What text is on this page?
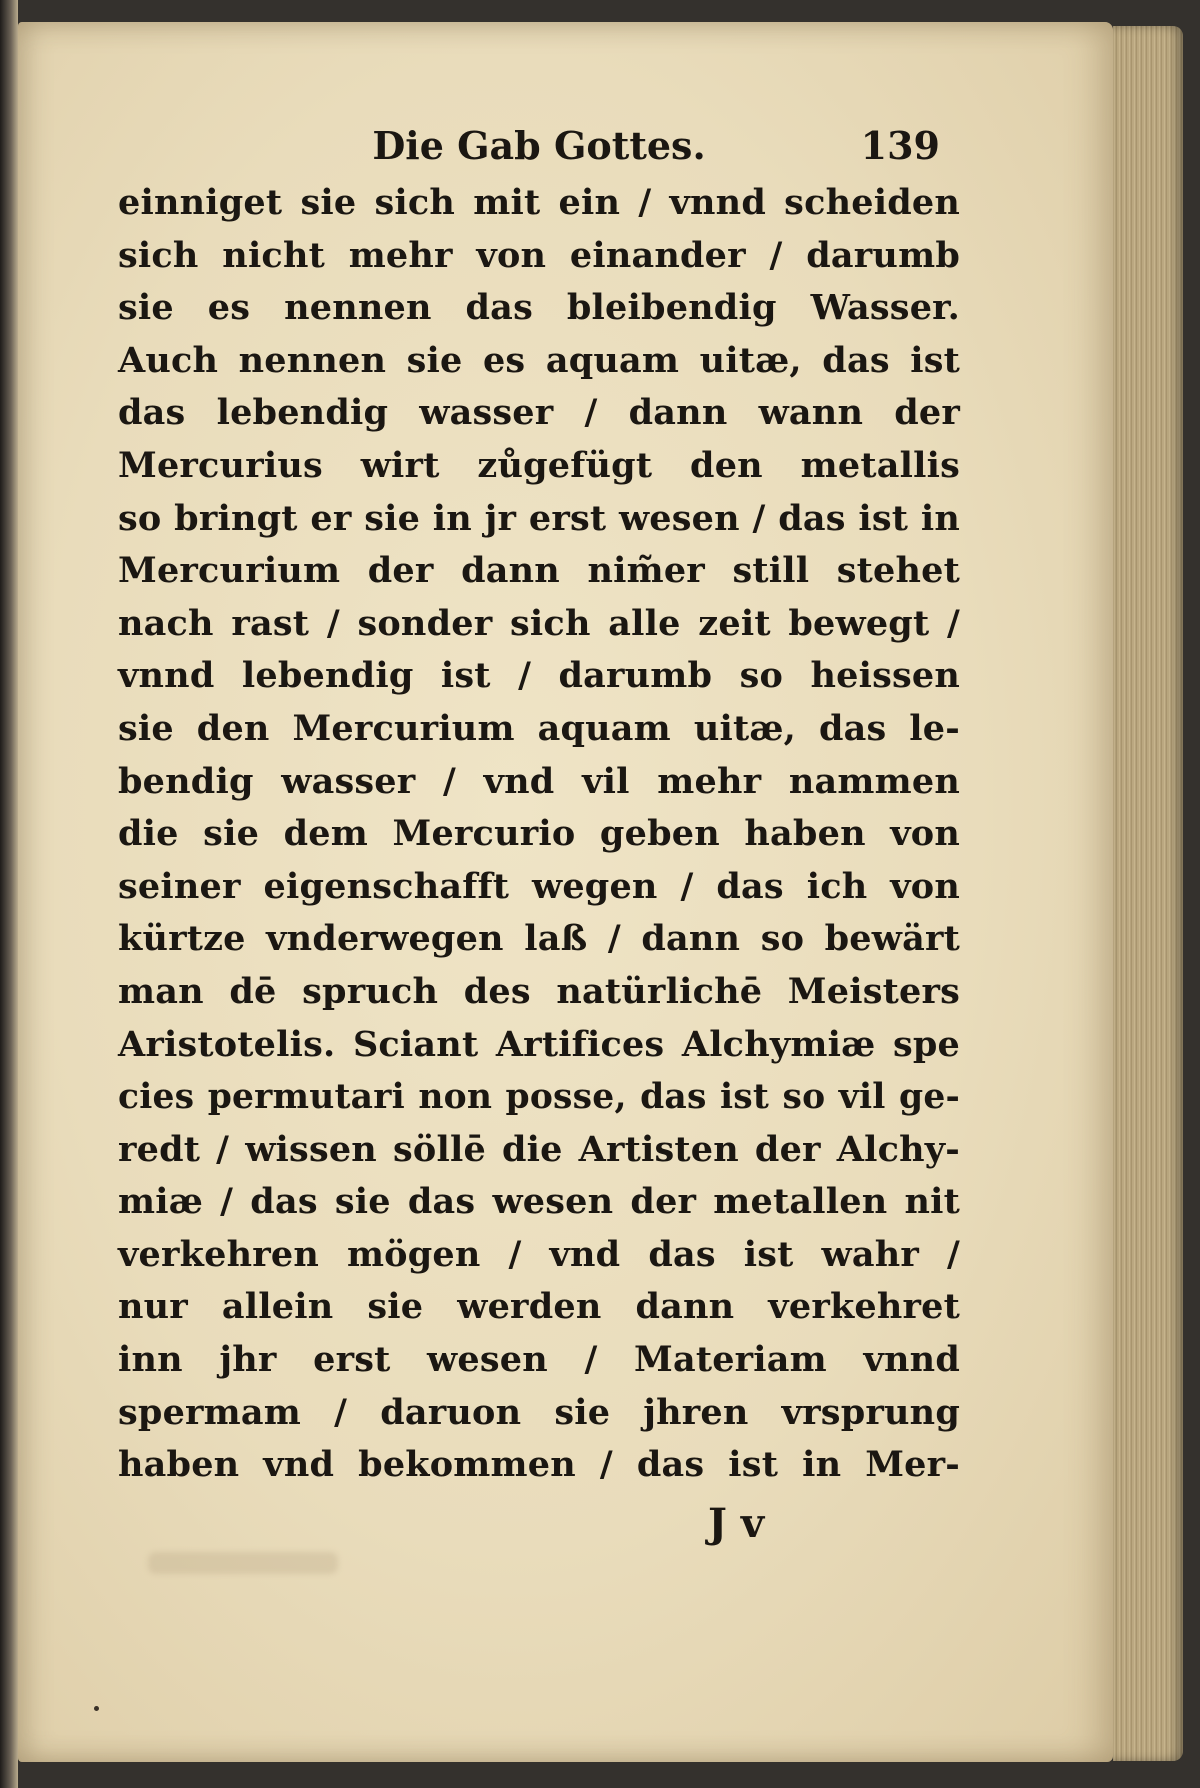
Die Gab Gottes.	139
einniget sie sich mit ein / vnnd scheiden
sich nicht mehr von einander / darumb
sie es nennen das bleibendig Wasser.
Auch nennen sie es aquam uitæ, das ist
das lebendig wasser / dann wann der
Mercurius wirt zůgefügt den metallis
so bringt er sie in jr erst wesen / das ist in
Mercurium der dann nim̃er still stehet
nach rast / sonder sich alle zeit bewegt /
vnnd lebendig ist / darumb so heissen
sie den Mercurium aquam uitæ, das le-
bendig wasser / vnd vil mehr nammen
die sie dem Mercurio geben haben von
seiner eigenschafft wegen / das ich von
kürtze vnderwegen laß / dann so bewärt
man dē spruch des natürlichē Meisters
Aristotelis. Sciant Artifices Alchymiæ spe
cies permutari non posse, das ist so vil ge-
redt / wissen söllē die Artisten der Alchy-
miæ / das sie das wesen der metallen nit
verkehren mögen / vnd das ist wahr /
nur allein sie werden dann verkehret
inn jhr erst wesen / Materiam vnnd
spermam / daruon sie jhren vrsprung
haben vnd bekommen / das ist in Mer-
J v
